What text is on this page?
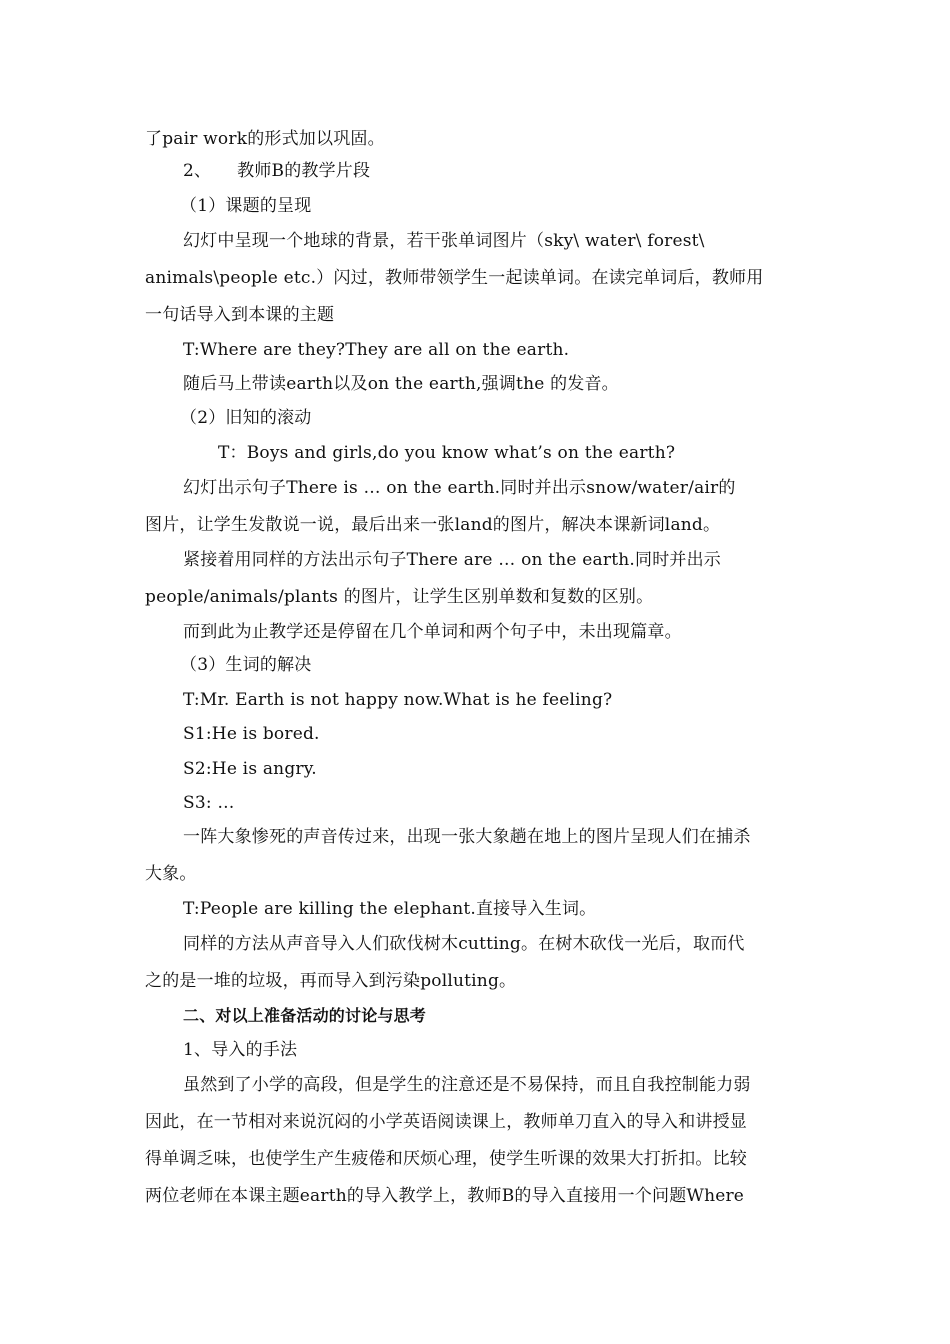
了pair work的形式加以巩固。
2、　　教师B的教学片段
（1）课题的呈现
幻灯中呈现一个地球的背景，若干张单词图片（sky\ water\ forest\
animals\people etc.）闪过，教师带领学生一起读单词。在读完单词后，教师用
一句话导入到本课的主题
T:Where are they?They are all on the earth.
随后马上带读earth以及on the earth,强调the 的发音。
（2）旧知的滚动
T：Boys and girls,do you know what’s on the earth?
幻灯出示句子There is … on the earth.同时并出示snow/water/air的
图片，让学生发散说一说，最后出来一张land的图片，解决本课新词land。
紧接着用同样的方法出示句子There are … on the earth.同时并出示
people/animals/plants 的图片，让学生区别单数和复数的区别。
而到此为止教学还是停留在几个单词和两个句子中，未出现篇章。
（3）生词的解决
T:Mr. Earth is not happy now.What is he feeling?
S1:He is bored.
S2:He is angry.
S3: …
一阵大象惨死的声音传过来，出现一张大象趟在地上的图片呈现人们在捕杀
大象。
T:People are killing the elephant.直接导入生词。
同样的方法从声音导入人们砍伐树木cutting。在树木砍伐一光后，取而代
之的是一堆的垃圾，再而导入到污染polluting。
二、对以上准备活动的讨论与思考
1、导入的手法
虽然到了小学的高段，但是学生的注意还是不易保持，而且自我控制能力弱
因此，在一节相对来说沉闷的小学英语阅读课上，教师单刀直入的导入和讲授显
得单调乏味，也使学生产生疲倦和厌烦心理，使学生听课的效果大打折扣。比较
两位老师在本课主题earth的导入教学上，教师B的导入直接用一个问题Where
